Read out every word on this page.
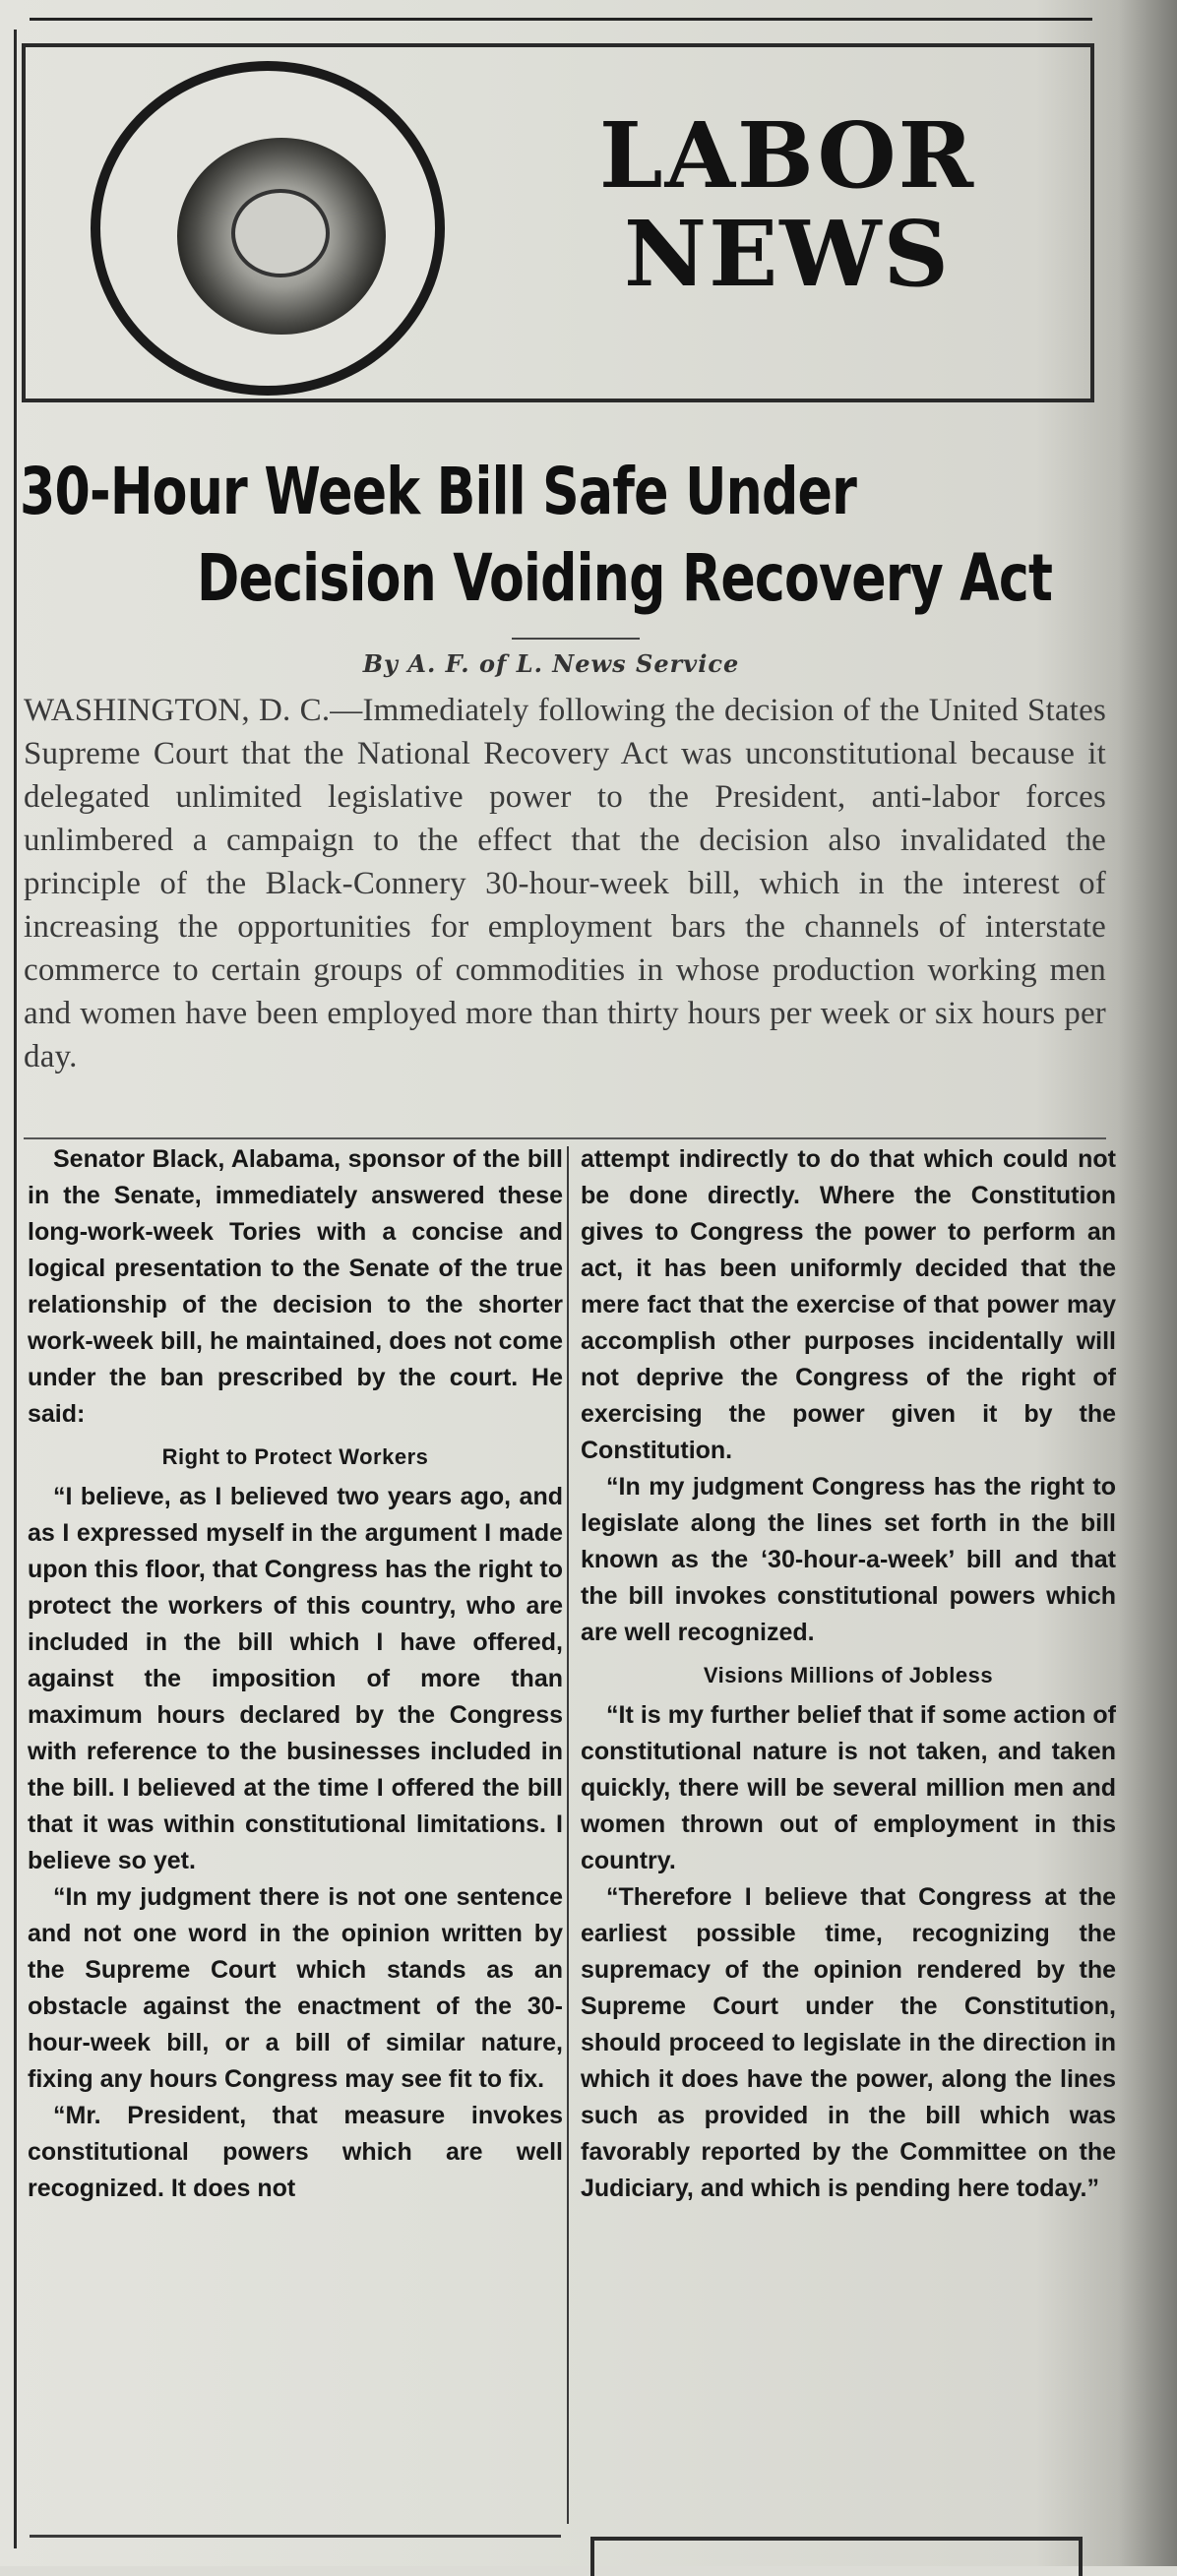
LABOR
NEWS
30-Hour Week Bill Safe Under
Decision Voiding Recovery Act
By A. F. of L. News Service
WASHINGTON, D. C.—Immediately following the decision of the United States Supreme Court that the National Recovery Act was unconstitutional because it delegated unlimited legislative power to the President, anti-labor forces unlimbered a campaign to the effect that the decision also invalidated the principle of the Black-Connery 30-hour-week bill, which in the interest of increasing the opportunities for employment bars the channels of interstate commerce to certain groups of commodities in whose production working men and women have been employed more than thirty hours per week or six hours per day.

Senator Black, Alabama, sponsor of the bill in the Senate, immediately answered these long-work-week Tories with a concise and logical presentation to the Senate of the true relationship of the decision to the shorter work-week bill, he maintained, does not come under the ban prescribed by the court. He said:

Right to Protect Workers

“I believe, as I believed two years ago, and as I expressed myself in the argument I made upon this floor, that Congress has the right to protect the workers of this country, who are included in the bill which I have offered, against the imposition of more than maximum hours declared by the Congress with reference to the businesses included in the bill. I believed at the time I offered the bill that it was within constitutional limitations. I believe so yet.

“In my judgment there is not one sentence and not one word in the opinion written by the Supreme Court which stands as an obstacle against the enactment of the 30-hour-week bill, or a bill of similar nature, fixing any hours Congress may see fit to fix.

“Mr. President, that measure invokes constitutional powers which are well recognized. It does not

attempt indirectly to do that which could not be done directly. Where the Constitution gives to Congress the power to perform an act, it has been uniformly decided that the mere fact that the exercise of that power may accomplish other purposes incidentally will not deprive the Congress of the right of exercising the power given it by the Constitution.

“In my judgment Congress has the right to legislate along the lines set forth in the bill known as the ‘30-hour-a-week’ bill and that the bill invokes constitutional powers which are well recognized.

Visions Millions of Jobless

“It is my further belief that if some action of constitutional nature is not taken, and taken quickly, there will be several million men and women thrown out of employment in this country.

“Therefore I believe that Congress at the earliest possible time, recognizing the supremacy of the opinion rendered by the Supreme Court under the Constitution, should proceed to legislate in the direction in which it does have the power, along the lines such as provided in the bill which was favorably reported by the Committee on the Judiciary, and which is pending here today.”
